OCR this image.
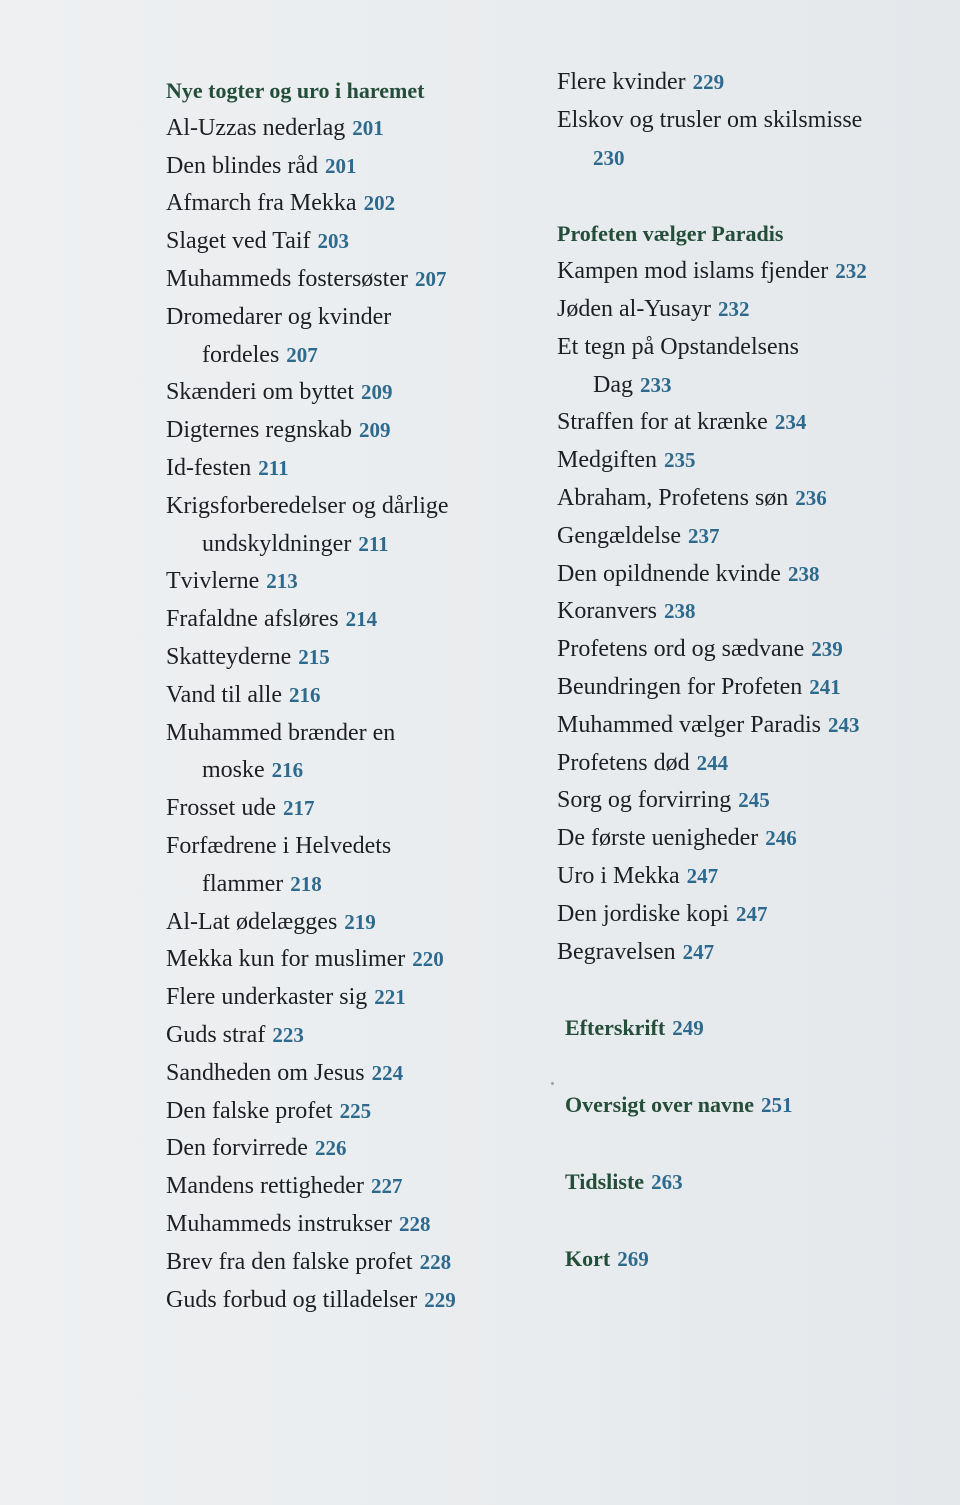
Nye togter og uro i haremet
Al-Uzzas nederlag 201
Den blindes råd 201
Afmarch fra Mekka 202
Slaget ved Taif 203
Muhammeds fostersøster 207
Dromedarer og kvinder
fordeles 207
Skænderi om byttet 209
Digternes regnskab 209
Id-festen 211
Krigsforberedelser og dårlige
undskyldninger 211
Tvivlerne 213
Frafaldne afsløres 214
Skatteyderne 215
Vand til alle 216
Muhammed brænder en
moske 216
Frosset ude 217
Forfædrene i Helvedets
flammer 218
Al-Lat ødelægges 219
Mekka kun for muslimer 220
Flere underkaster sig 221
Guds straf 223
Sandheden om Jesus 224
Den falske profet 225
Den forvirrede 226
Mandens rettigheder 227
Muhammeds instrukser 228
Brev fra den falske profet 228
Guds forbud og tilladelser 229
Flere kvinder 229
Elskov og trusler om skilsmisse
230
Profeten vælger Paradis
Kampen mod islams fjender 232
Jøden al-Yusayr 232
Et tegn på Opstandelsens
Dag 233
Straffen for at krænke 234
Medgiften 235
Abraham, Profetens søn 236
Gengældelse 237
Den opildnende kvinde 238
Koranvers 238
Profetens ord og sædvane 239
Beundringen for Profeten 241
Muhammed vælger Paradis 243
Profetens død 244
Sorg og forvirring 245
De første uenigheder 246
Uro i Mekka 247
Den jordiske kopi 247
Begravelsen 247
Efterskrift 249
Oversigt over navne 251
Tidsliste 263
Kort 269
